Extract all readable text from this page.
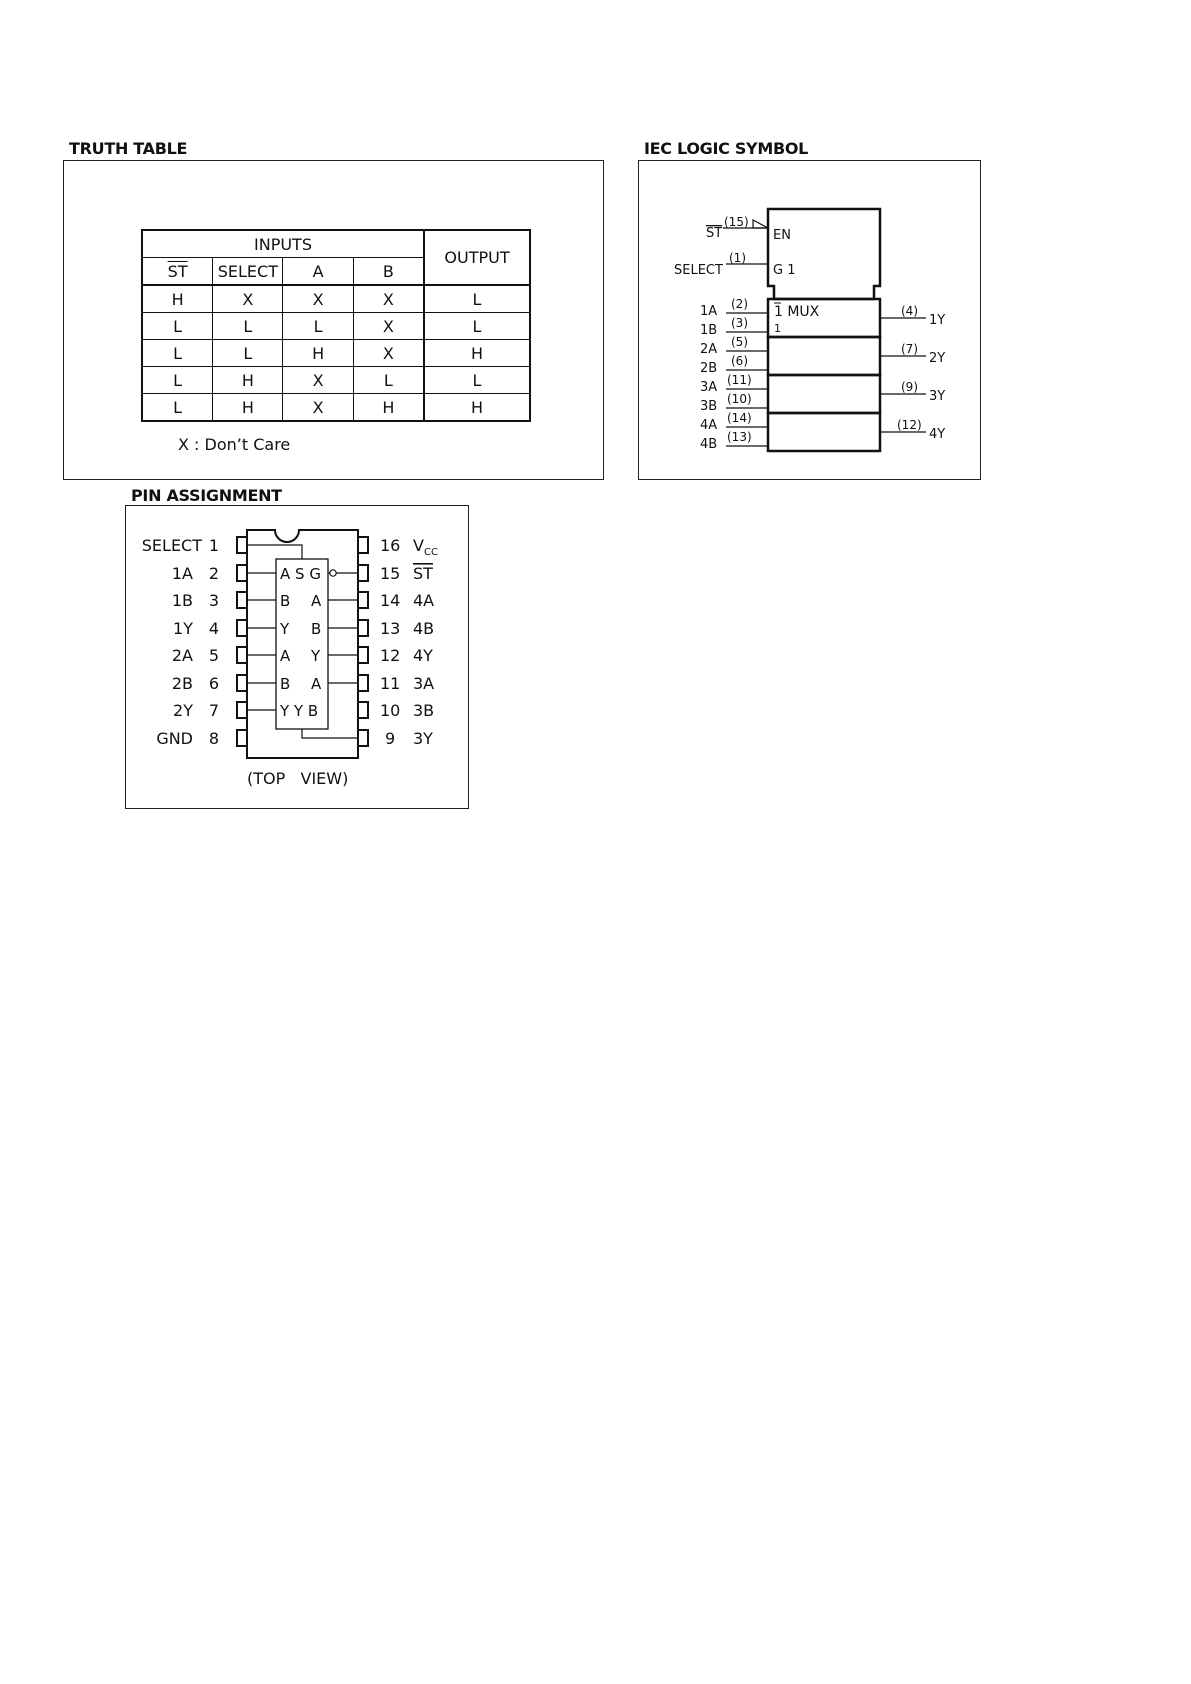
TRUTH TABLE
INPUTS				OUTPUT
$\overline{ST}$	SELECT	A	B	
H	X	X	X	L
L	L	L	X	L
L	L	H	X	H
L	H	X	L	L
L	H	X	H	H
X : Don’t Care
IEC LOGIC SYMBOL
ST
(15)
EN
SELECT
(1)
G 1
1 MUX
1
1A (2)
1B (3)
2A (5)
2B (6)
3A (11)
3B (10)
4A (14)
4B (13)
(4)
1Y
(7)
2Y
(9)
3Y
(12)
4Y
PIN ASSIGNMENT
A S G
B
Y
A
B
Y Y B
A
B
Y
A
SELECT 1
1A 2
1B 3
1Y 4
2A 5
2B 6
2Y 7
GND 8
16 V CC
15 ST
14 4A
13 4B
12 4Y
11 3A
10 3B
9 3Y
(TOP   VIEW)
